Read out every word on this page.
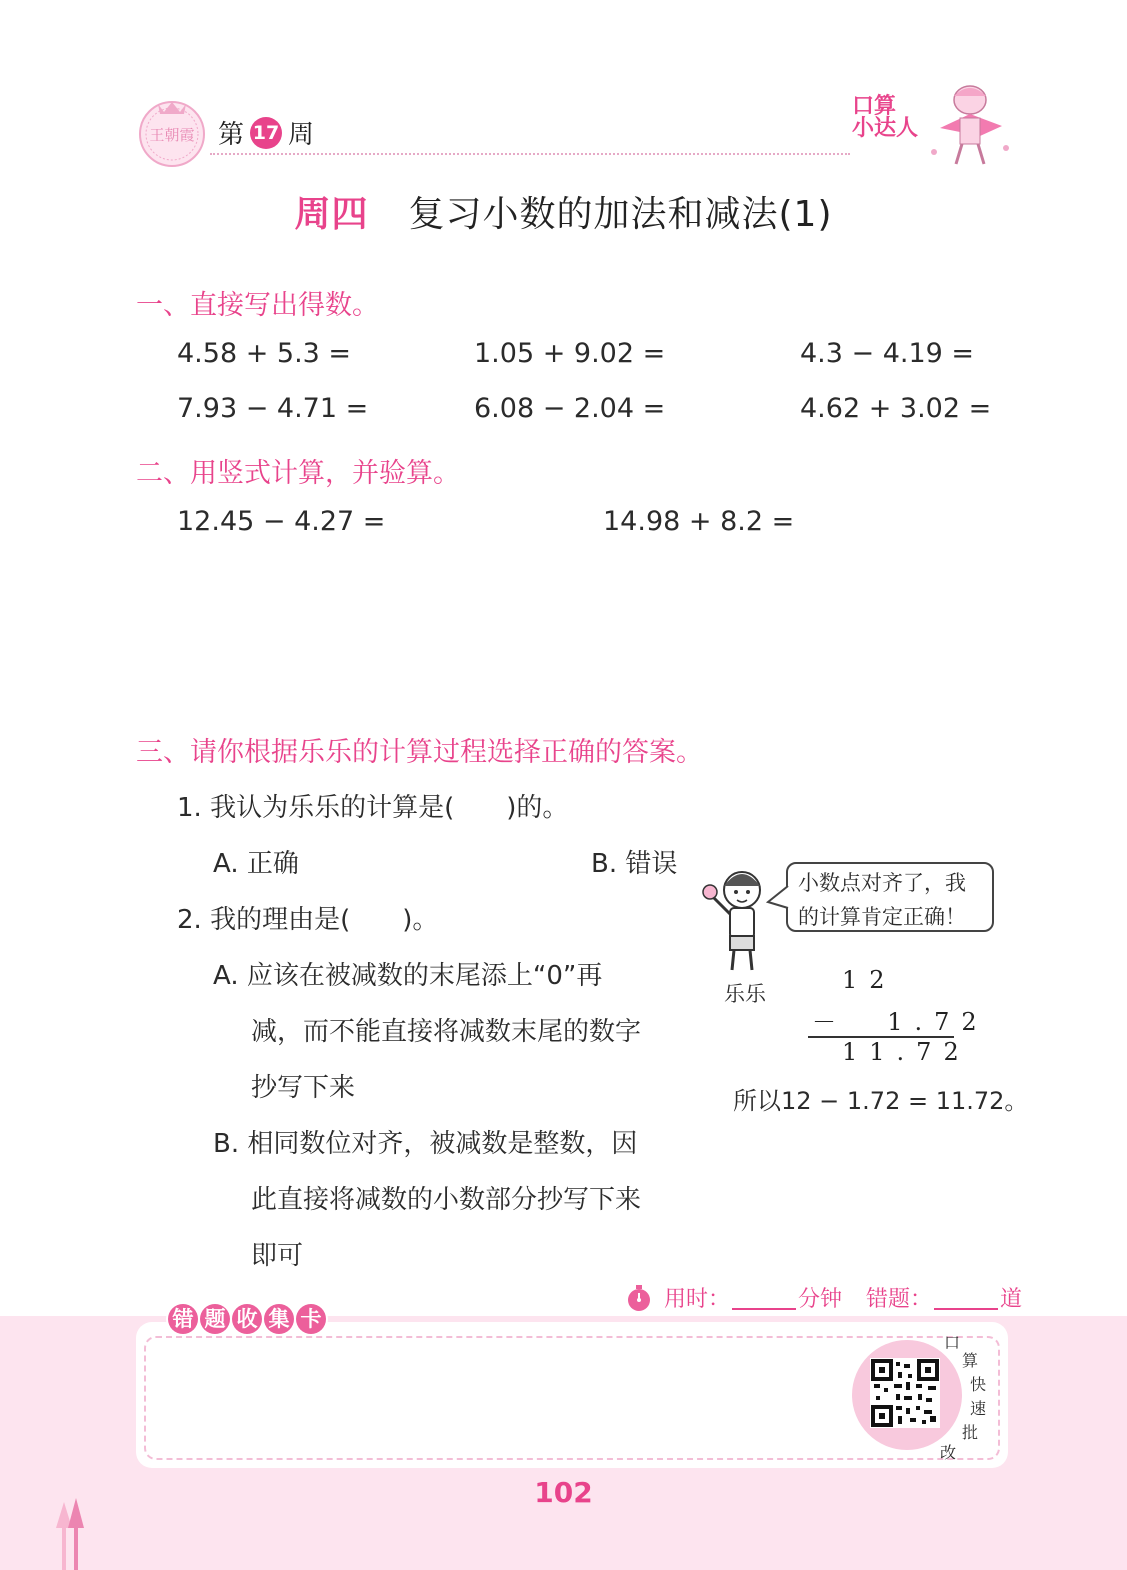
王朝霞 第 17 周
口算
小达人
周四 复习小数的加法和减法(1)
一、直接写出得数。
4.58 + 5.3 =	1.05 + 9.02 =	4.3 − 4.19 =
7.93 − 4.71 =	6.08 − 2.04 =	4.62 + 3.02 =
二、用竖式计算，并验算。
12.45 − 4.27 =	14.98 + 8.2 =
三、请你根据乐乐的计算过程选择正确的答案。
1. 我认为乐乐的计算是(　　)的。
A. 正确	B. 错误
2. 我的理由是(　　)。
A. 应该在被减数的末尾添上“0”再
减，而不能直接将减数末尾的数字
抄写下来
B. 相同数位对齐，被减数是整数，因
此直接将减数的小数部分抄写下来
即可
小数点对齐了，我
的计算肯定正确！
乐乐	12
－  1.72
11.72
所以12 − 1.72 = 11.72。
用时：	分钟 错题：	道
错 题 收 集 卡
口
算
快
速
批
改
102
